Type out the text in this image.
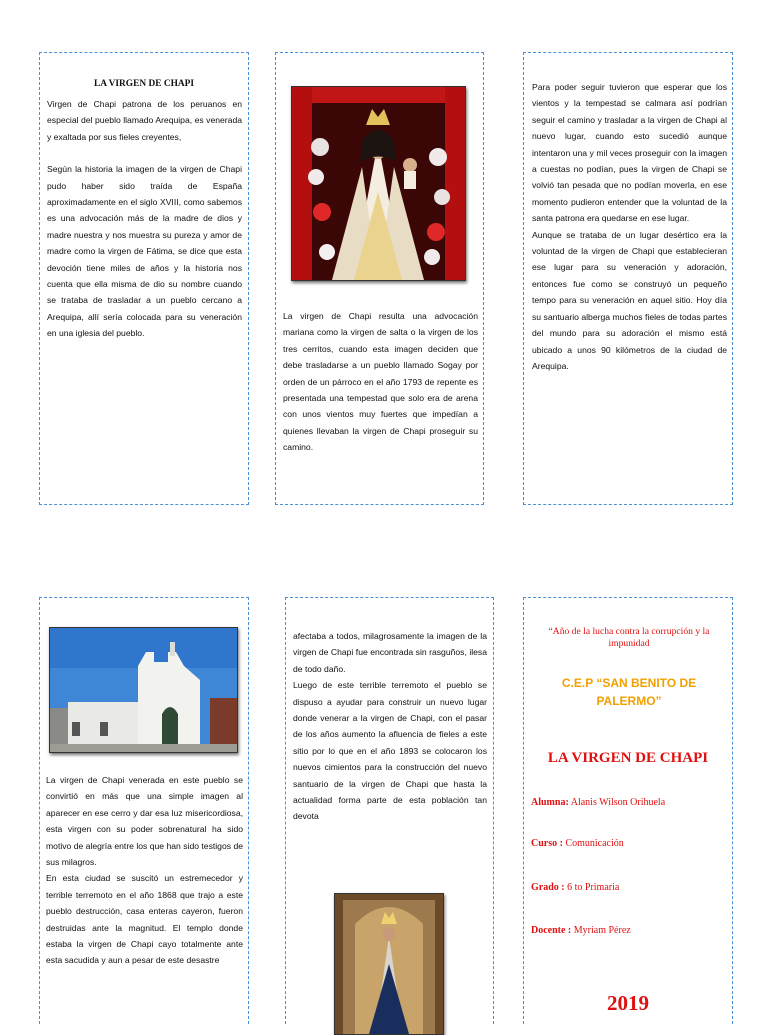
LA VIRGEN DE CHAPI

Virgen de Chapi patrona de los peruanos en especial del pueblo llamado Arequipa, es venerada y exaltada por sus fieles creyentes,

Según la historia la imagen de la virgen de Chapi pudo haber sido traída de España aproximadamente en el siglo XVIII, como sabemos es una advocación más de la madre de dios y madre nuestra y nos muestra su pureza y amor de madre como la virgen de Fátima, se dice que esta devoción tiene miles de años y la historia nos cuenta que ella misma de dio su nombre cuando se trataba de trasladar a un pueblo cercano a Arequipa, allí sería colocada para su veneración en una iglesia del pueblo.

La virgen de Chapi resulta una advocación mariana como la virgen de salta o la virgen de los tres cerritos, cuando esta imagen deciden que debe trasladarse a un pueblo llamado Sogay por orden de un párroco en el año 1793 de repente es presentada una tempestad que solo era de arena con unos vientos muy fuertes que impedían a quienes llevaban la virgen de Chapi proseguir su camino.

Para poder seguir tuvieron que esperar que los vientos y la tempestad se calmara así podrían seguir el camino y trasladar a la virgen de Chapi al nuevo lugar, cuando esto sucedió aunque intentaron una y mil veces proseguir con la imagen a cuestas no podían, pues la virgen de Chapi se volvió tan pesada que no podían moverla, en ese momento pudieron entender que la voluntad de la santa patrona era quedarse en ese lugar.

Aunque se trataba de un lugar desértico era la voluntad de la virgen de Chapi que establecieran ese lugar para su veneración y adoración, entonces fue como se construyó un pequeño tempo para su veneración en aquel sitio. Hoy día su santuario alberga muchos fieles de todas partes del mundo para su adoración el mismo está ubicado a unos 90 kilómetros de la ciudad de Arequipa.

La virgen de Chapi venerada en este pueblo se convirtió en más que una simple imagen al aparecer en ese cerro y dar esa luz misericordiosa, esta virgen con su poder sobrenatural ha sido motivo de alegría entre los que han sido testigos de sus milagros.

En esta ciudad se suscitó un estremecedor y terrible terremoto en el año 1868 que trajo a este pueblo destrucción, casa enteras cayeron, fueron destruidas ante la magnitud. El templo donde estaba la virgen de Chapi cayo totalmente ante esta sacudida y aun a pesar de este desastre

afectaba a todos, milagrosamente la imagen de la virgen de Chapi fue encontrada sin rasguños, ilesa de todo daño.

Luego de este terrible terremoto el pueblo se dispuso a ayudar para construir un nuevo lugar donde venerar a la virgen de Chapi, con el pasar de los años aumento la afluencia de fieles a este sitio por lo que en el año 1893 se colocaron los nuevos cimientos para la construcción del nuevo santuario de la virgen de Chapi que hasta la actualidad forma parte de esta población tan devota

“Año de la lucha contra la corrupción y la impunidad
C.E.P “SAN BENITO DE PALERMO”
LA VIRGEN DE CHAPI
Alumna: Alanis Wilson Orihuela
Curso : Comunicación
Grado : 6 to Primaria
Docente : Myriam Pérez
2019
